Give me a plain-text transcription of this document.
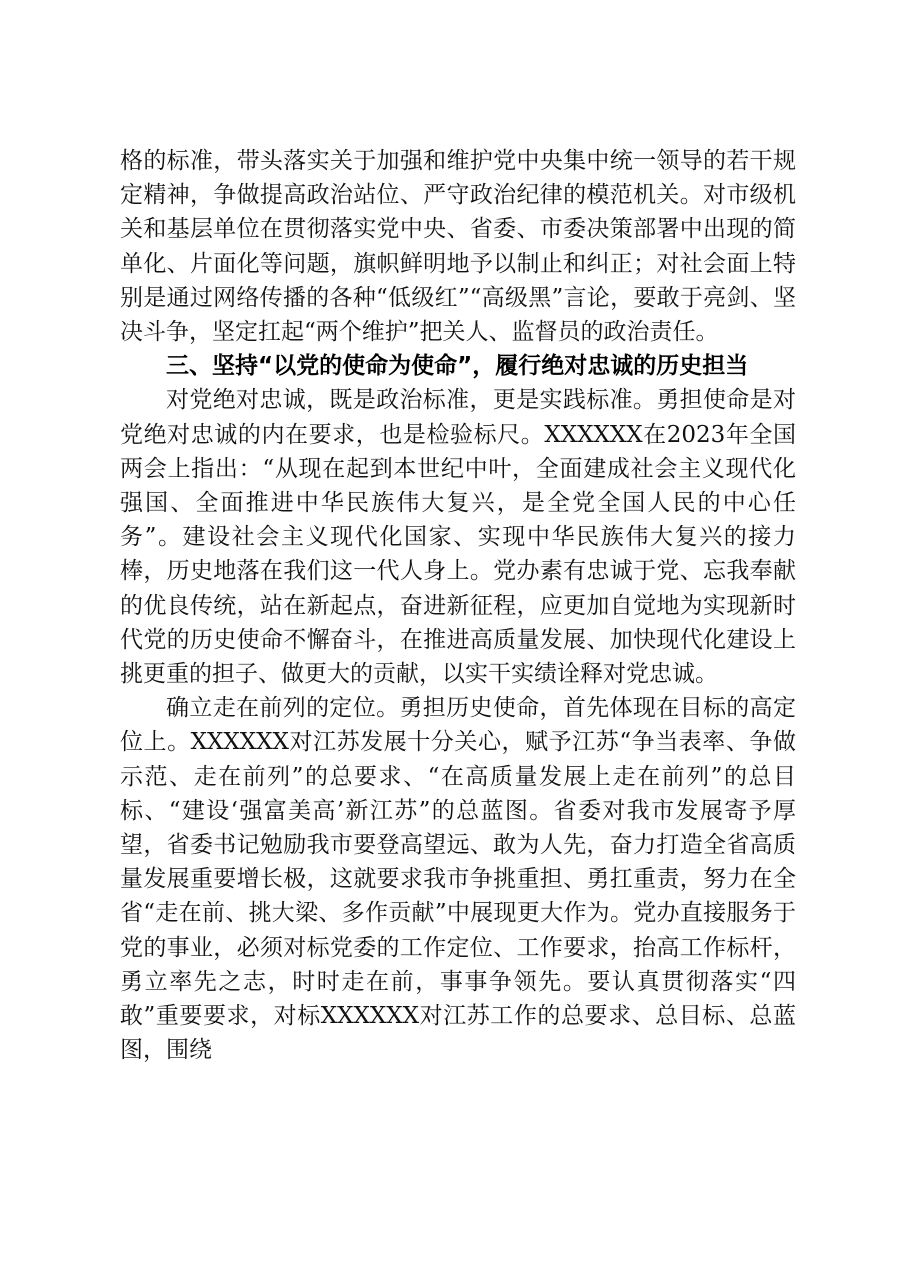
格的标准，带头落实关于加强和维护党中央集中统一领导的若干规定精神，争做提高政治站位、严守政治纪律的模范机关。对市级机关和基层单位在贯彻落实党中央、省委、市委决策部署中出现的简单化、片面化等问题，旗帜鲜明地予以制止和纠正；对社会面上特别是通过网络传播的各种“低级红”“高级黑”言论，要敢于亮剑、坚决斗争，坚定扛起“两个维护”把关人、监督员的政治责任。

三、坚持“以党的使命为使命”，履行绝对忠诚的历史担当

对党绝对忠诚，既是政治标准，更是实践标准。勇担使命是对党绝对忠诚的内在要求，也是检验标尺。XXXXXX在2023年全国两会上指出：“从现在起到本世纪中叶，全面建成社会主义现代化强国、全面推进中华民族伟大复兴，是全党全国人民的中心任务”。建设社会主义现代化国家、实现中华民族伟大复兴的接力棒，历史地落在我们这一代人身上。党办素有忠诚于党、忘我奉献的优良传统，站在新起点，奋进新征程，应更加自觉地为实现新时代党的历史使命不懈奋斗，在推进高质量发展、加快现代化建设上挑更重的担子、做更大的贡献，以实干实绩诠释对党忠诚。

确立走在前列的定位。勇担历史使命，首先体现在目标的高定位上。XXXXXX对江苏发展十分关心，赋予江苏“争当表率、争做示范、走在前列”的总要求、“在高质量发展上走在前列”的总目标、“建设‘强富美高’新江苏”的总蓝图。省委对我市发展寄予厚望，省委书记勉励我市要登高望远、敢为人先，奋力打造全省高质量发展重要增长极，这就要求我市争挑重担、勇扛重责，努力在全省“走在前、挑大梁、多作贡献”中展现更大作为。党办直接服务于党的事业，必须对标党委的工作定位、工作要求，抬高工作标杆，勇立率先之志，时时走在前，事事争领先。要认真贯彻落实“四敢”重要要求，对标XXXXXX对江苏工作的总要求、总目标、总蓝图，围绕
